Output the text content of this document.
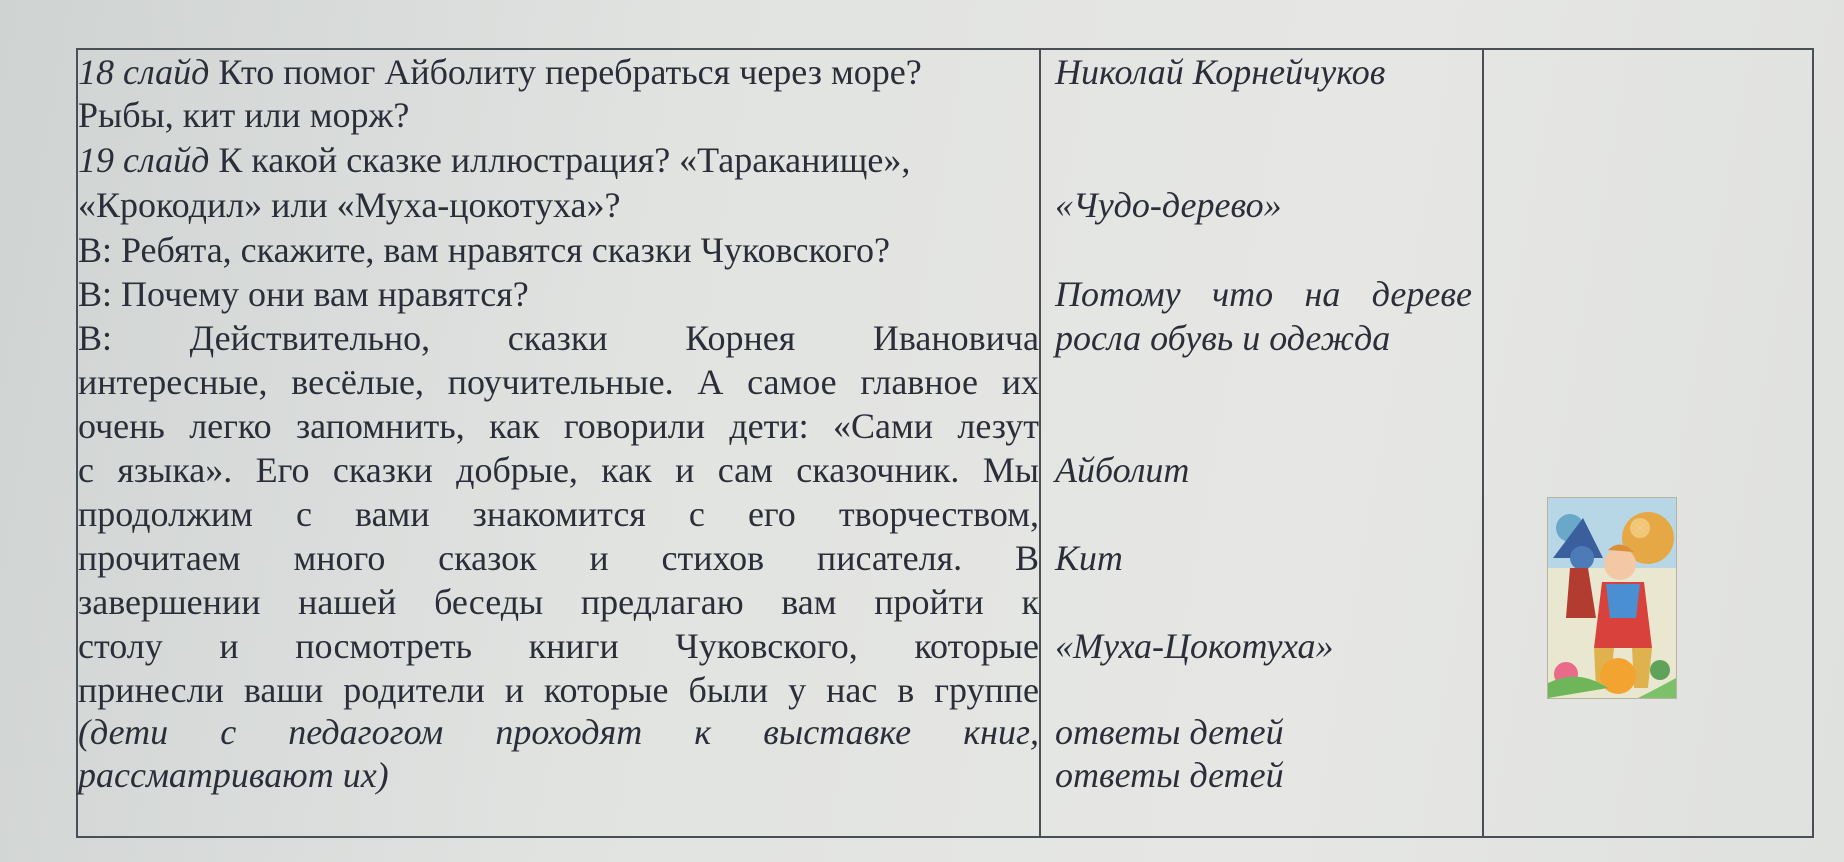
18 слайд Кто помог Айболиту перебраться через море?
Рыбы, кит или морж?
19 слайд К какой сказке иллюстрация? «Тараканище»,
«Крокодил» или «Муха-цокотуха»?
В: Ребята, скажите, вам нравятся сказки Чуковского?
В: Почему они вам нравятся?
В: Действительно, сказки Корнея Ивановича
интересные, весёлые, поучительные. А самое главное их
очень легко запомнить, как говорили дети: «Сами лезут
с языка». Его сказки добрые, как и сам сказочник. Мы
продолжим с вами знакомится с его творчеством,
прочитаем много сказок и стихов писателя. В
завершении нашей беседы предлагаю вам пройти к
столу и посмотреть книги Чуковского, которые
принесли ваши родители и которые были у нас в группе
(дети с педагогом проходят к выставке книг,
рассматривают их)
Николай Корнейчуков
«Чудо-дерево»
Потому что на дереве
росла обувь и одежда
Айболит
Кит
«Муха-Цокотуха»
ответы детей
ответы детей
